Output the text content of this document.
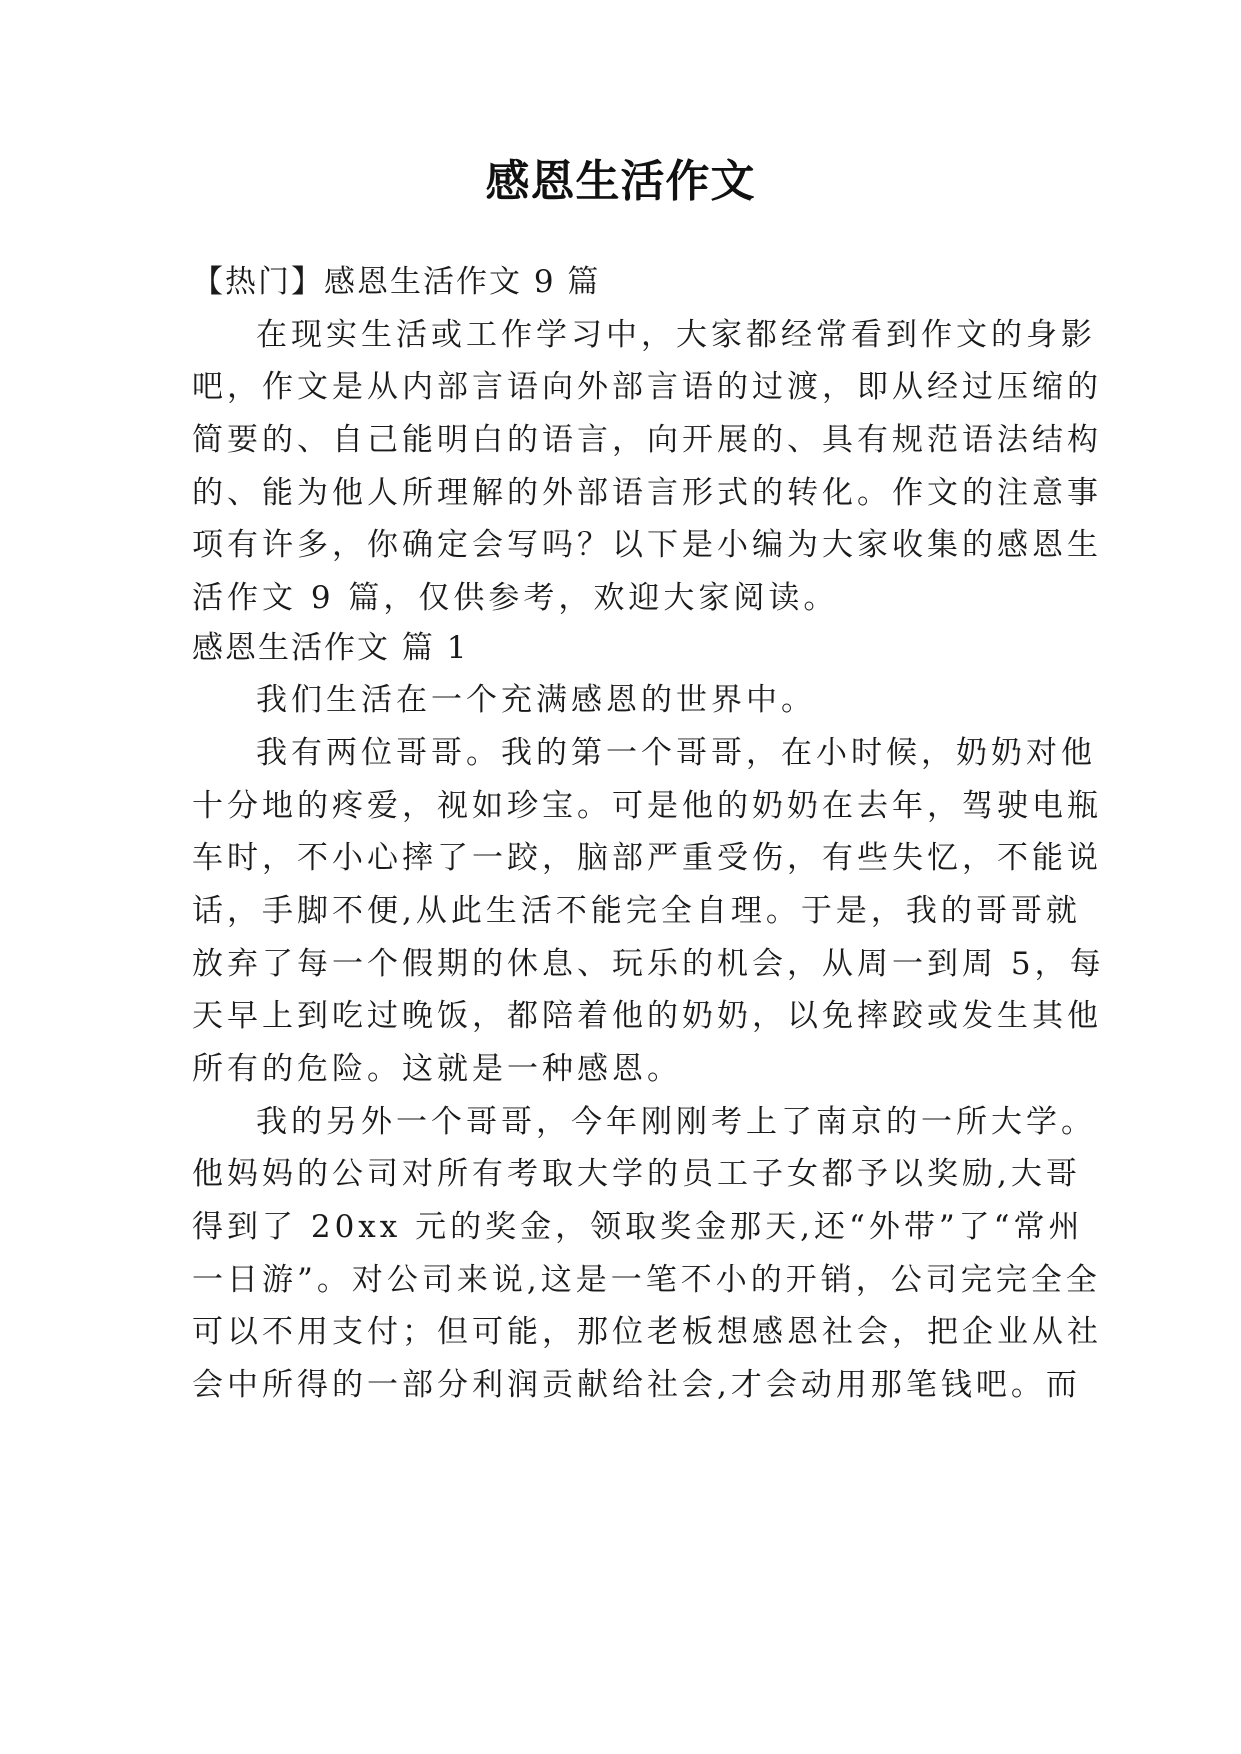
感恩生活作文
【热门】感恩生活作文 9 篇
在现实生活或工作学习中，大家都经常看到作文的身影
吧，作文是从内部言语向外部言语的过渡，即从经过压缩的
简要的、自己能明白的语言，向开展的、具有规范语法结构
的、能为他人所理解的外部语言形式的转化。作文的注意事
项有许多，你确定会写吗？以下是小编为大家收集的感恩生
活作文 9 篇，仅供参考，欢迎大家阅读。
感恩生活作文 篇 1
我们生活在一个充满感恩的世界中。
我有两位哥哥。我的第一个哥哥，在小时候，奶奶对他
十分地的疼爱，视如珍宝。可是他的奶奶在去年，驾驶电瓶
车时，不小心摔了一跤，脑部严重受伤，有些失忆，不能说
话，手脚不便,从此生活不能完全自理。于是，我的哥哥就
放弃了每一个假期的休息、玩乐的机会，从周一到周 5，每
天早上到吃过晚饭，都陪着他的奶奶，以免摔跤或发生其他
所有的危险。这就是一种感恩。
我的另外一个哥哥，今年刚刚考上了南京的一所大学。
他妈妈的公司对所有考取大学的员工子女都予以奖励,大哥
得到了 20xx 元的奖金，领取奖金那天,还“外带”了“常州
一日游”。对公司来说,这是一笔不小的开销，公司完完全全
可以不用支付；但可能，那位老板想感恩社会，把企业从社
会中所得的一部分利润贡献给社会,才会动用那笔钱吧。而
